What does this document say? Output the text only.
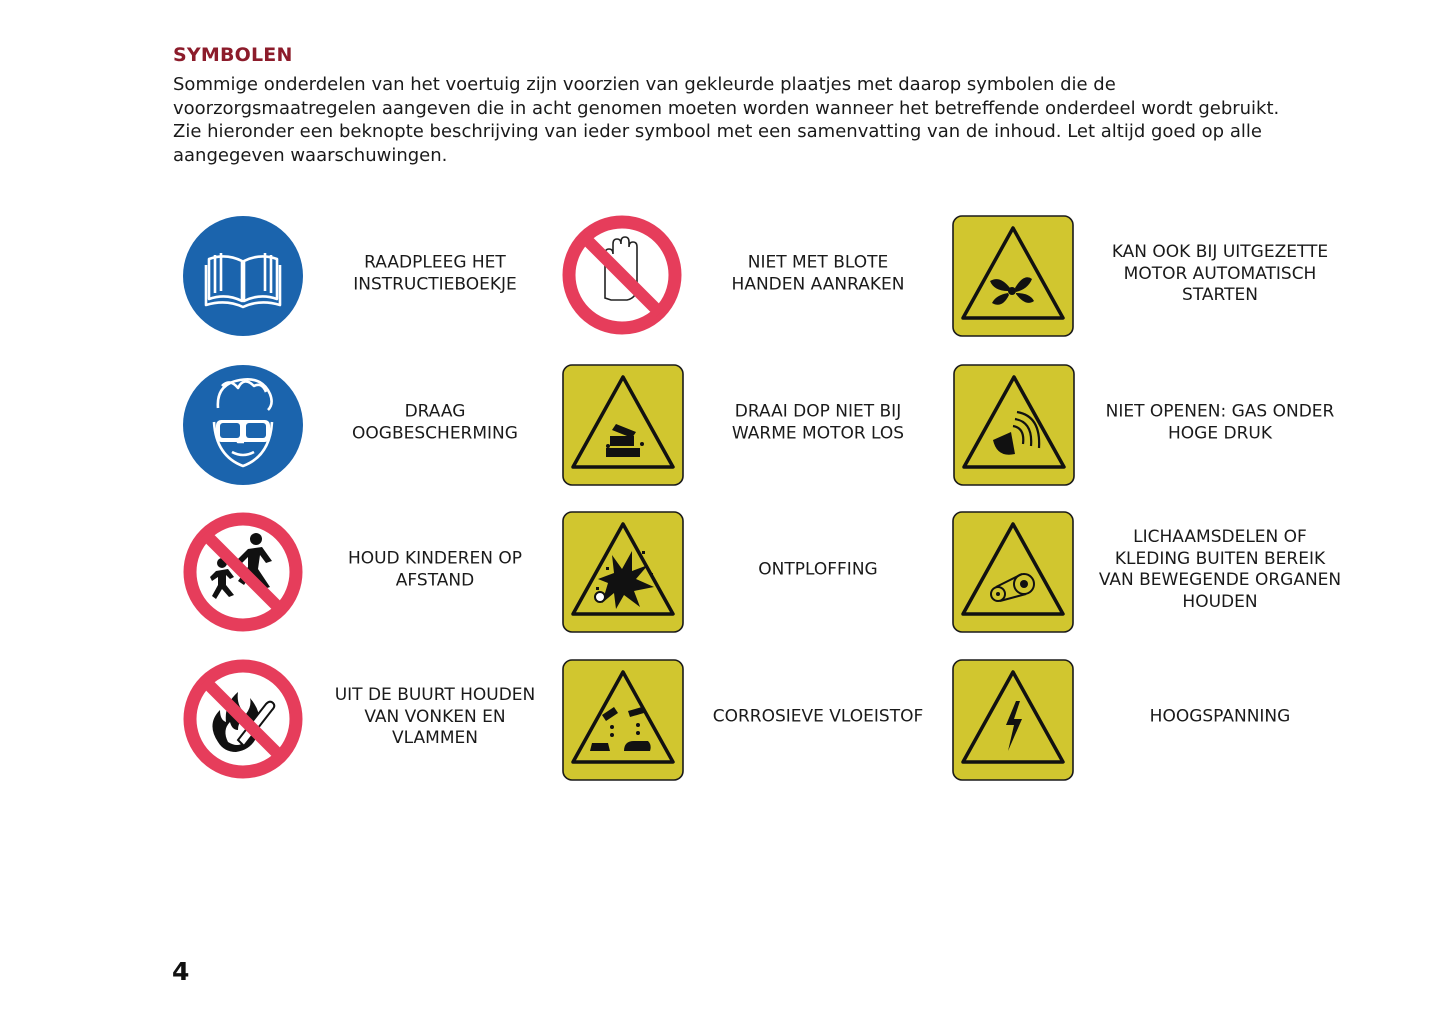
SYMBOLEN

Sommige onderdelen van het voertuig zijn voorzien van gekleurde plaatjes met daarop symbolen die de voorzorgsmaatregelen aangeven die in acht genomen moeten worden wanneer het betreffende onderdeel wordt gebruikt. Zie hieronder een beknopte beschrijving van ieder symbool met een samenvatting van de inhoud. Let altijd goed op alle aangegeven waarschuwingen.

RAADPLEEG HET
INSTRUCTIEBOEKJE
NIET MET BLOTE
HANDEN AANRAKEN
KAN OOK BIJ UITGEZETTE
MOTOR AUTOMATISCH
STARTEN
DRAAG
OOGBESCHERMING
DRAAI DOP NIET BIJ
WARME MOTOR LOS
NIET OPENEN: GAS ONDER
HOGE DRUK
HOUD KINDEREN OP
AFSTAND
ONTPLOFFING
LICHAAMSDELEN OF
KLEDING BUITEN BEREIK
VAN BEWEGENDE ORGANEN
HOUDEN
UIT DE BUURT HOUDEN
VAN VONKEN EN
VLAMMEN
CORROSIEVE VLOEISTOF	HOOGSPANNING
4
